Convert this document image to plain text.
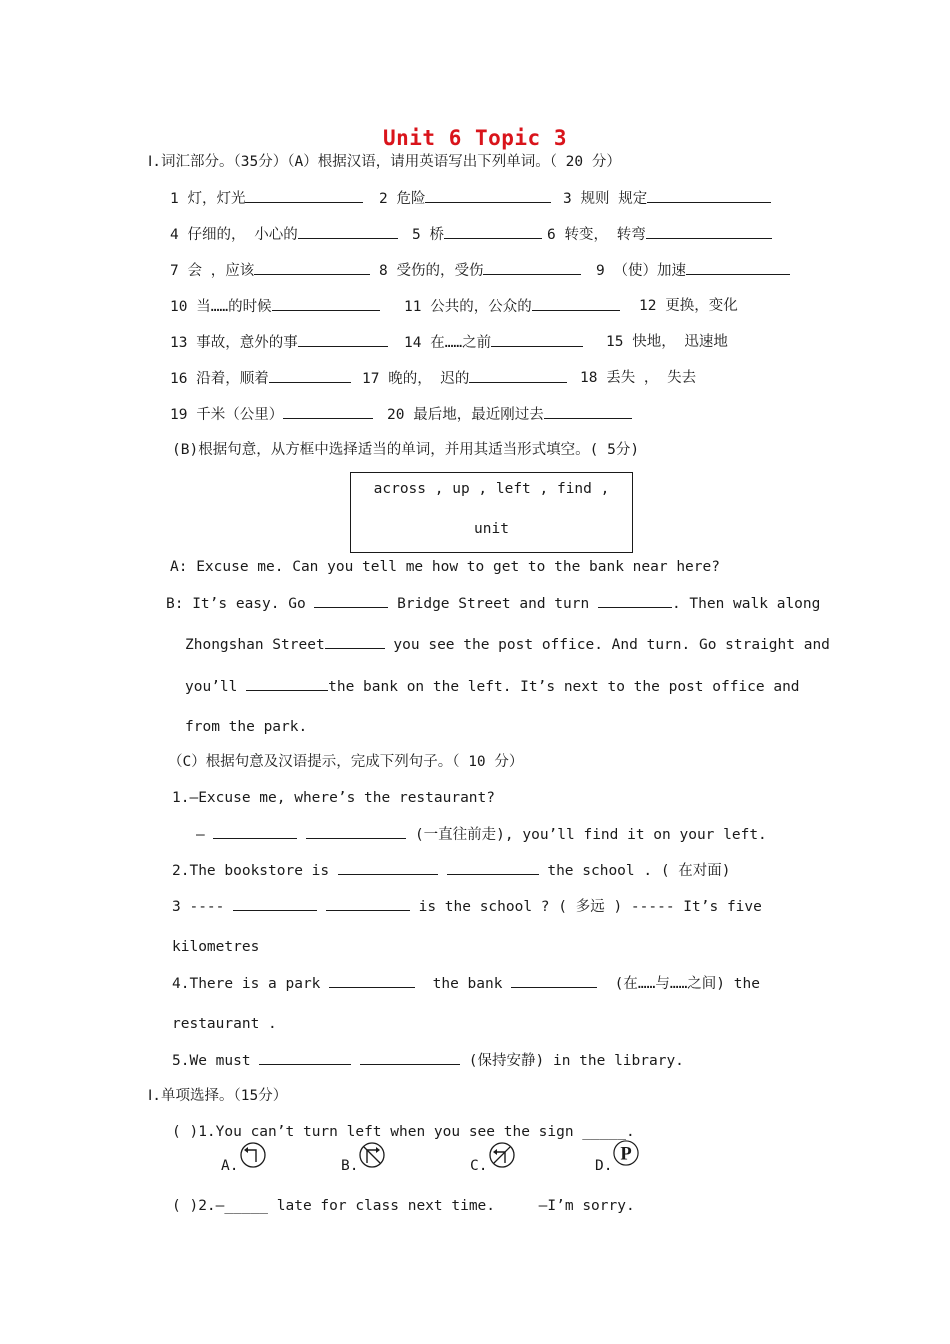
Unit 6 Topic 3
Ⅰ.词汇部分。（35分）（A）根据汉语，请用英语写出下列单词。（ 20 分）
1 灯，灯光	2 危险	3 规则 规定
4 仔细的， 小心的	5 桥	6 转变， 转弯
7 会 ，应该	8 受伤的，受伤	9 （使）加速
10 当……的时候	11 公共的，公众的	12 更换，变化
13 事故，意外的事	14 在……之前	15 快地， 迅速地
16 沿着，顺着	17 晚的， 迟的	18 丢失 ， 失去
19 千米（公里）	20 最后地，最近刚过去
(B)根据句意，从方框中选择适当的单词，并用其适当形式填空。( 5分)
across , up , left , find ,
unit
A: Excuse me. Can you tell me how to get to the bank near here?
B: It’s easy. Go	Bridge Street and turn	. Then walk along
Zhongshan Street	you see the post office. And turn. Go straight and
you’ll	the bank on the left. It’s next to the post office and
from the park.
（C）根据句意及汉语提示，完成下列句子。（ 10 分）
1.—Excuse me, where’s the restaurant?
—	(一直往前走), you’ll find it on your left.
2.The bookstore is	the school . ( 在对面)
3 ----	is the school ? ( 多远 ) ----- It’s five
kilometres
4.There is a park	the bank	(在……与……之间) the
restaurant .
5.We must	(保持安静) in the library.
Ⅰ.单项选择。（15分）
( )1.You can’t turn left when you see the sign _____.
A.	B.	C.	D.
P
( )2.—_____ late for class next time.	—I’m sorry.
